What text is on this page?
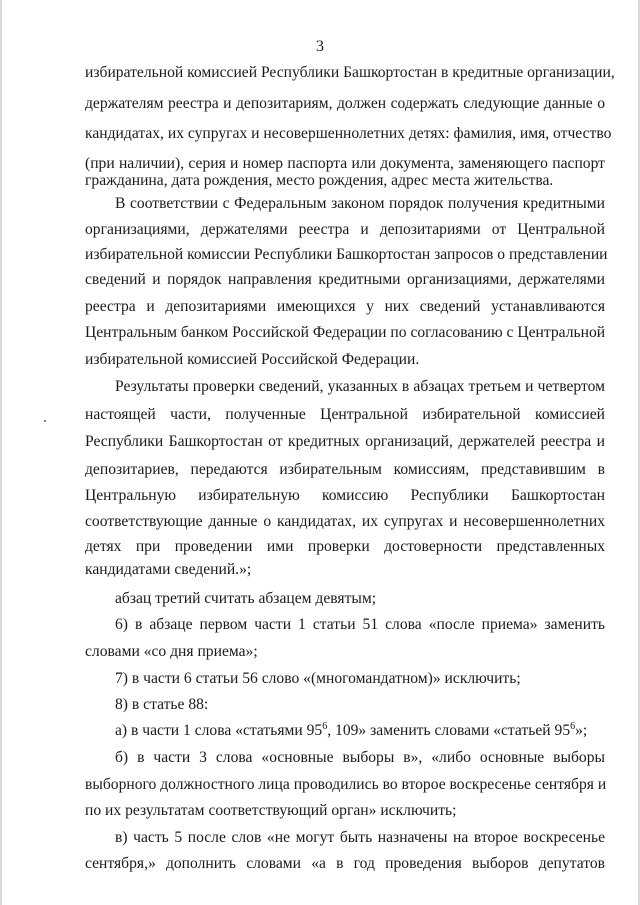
3
избирательной комиссией Республики Башкортостан в кредитные организации,
держателям реестра и депозитариям, должен содержать следующие данные о
кандидатах, их супругах и несовершеннолетних детях: фамилия, имя, отчество
(при наличии), серия и номер паспорта или документа, заменяющего паспорт
гражданина, дата рождения, место рождения, адрес места жительства.
В соответствии с Федеральным законом порядок получения кредитными
организациями, держателями реестра и депозитариями от Центральной
избирательной комиссии Республики Башкортостан запросов о представлении
сведений и порядок направления кредитными организациями, держателями
реестра и депозитариями имеющихся у них сведений устанавливаются
Центральным банком Российской Федерации по согласованию с Центральной
избирательной комиссией Российской Федерации.
Результаты проверки сведений, указанных в абзацах третьем и четвертом
настоящей части, полученные Центральной избирательной комиссией
Республики Башкортостан от кредитных организаций, держателей реестра и
депозитариев, передаются избирательным комиссиям, представившим в
Центральную избирательную комиссию Республики Башкортостан
соответствующие данные о кандидатах, их супругах и несовершеннолетних
детях при проведении ими проверки достоверности представленных
кандидатами сведений.»;
абзац третий считать абзацем девятым;
6) в абзаце первом части 1 статьи 51 слова «после приема» заменить
словами «со дня приема»;
7) в части 6 статьи 56 слово «(многомандатном)» исключить;
8) в статье 88:
а) в части 1 слова «статьями $95^6$, 109» заменить словами «статьей $95^6$»;
б) в части 3 слова «основные выборы в», «либо основные выборы
выборного должностного лица проводились во второе воскресенье сентября и
по их результатам соответствующий орган» исключить;
в) часть 5 после слов «не могут быть назначены на второе воскресенье
сентября,» дополнить словами «а в год проведения выборов депутатов
